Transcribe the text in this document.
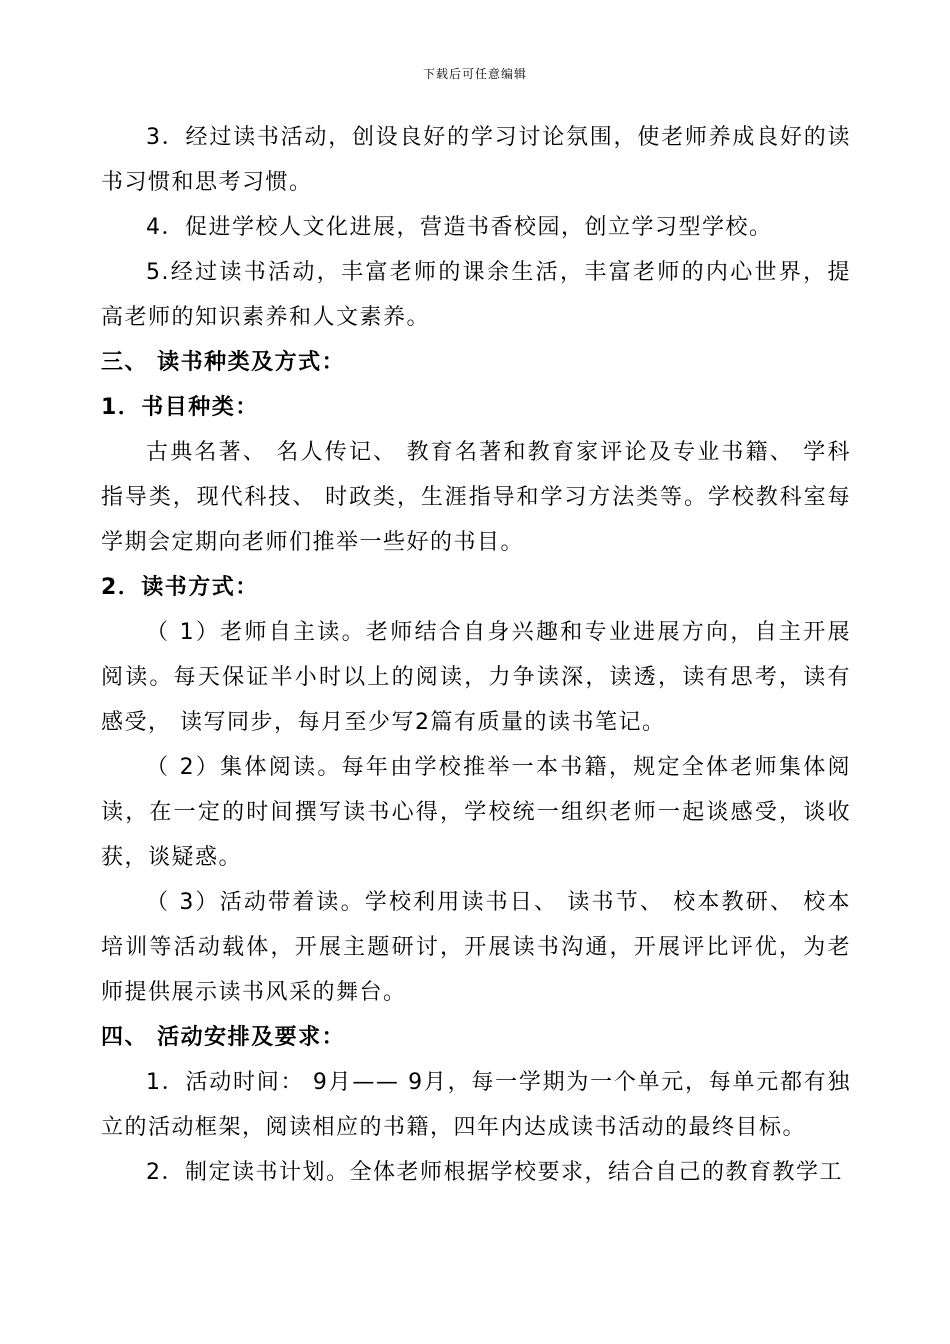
下载后可任意编辑

3．经过读书活动，创设良好的学习讨论氛围，使老师养成良好的读书习惯和思考习惯。

4．促进学校人文化进展，营造书香校园，创立学习型学校。

5.经过读书活动，丰富老师的课余生活，丰富老师的内心世界，提高老师的知识素养和人文素养。

三、 读书种类及方式：

1．书目种类：

古典名著、 名人传记、 教育名著和教育家评论及专业书籍、 学科指导类，现代科技、 时政类，生涯指导和学习方法类等。学校教科室每学期会定期向老师们推举一些好的书目。

2．读书方式：

（ 1）老师自主读。老师结合自身兴趣和专业进展方向，自主开展阅读。每天保证半小时以上的阅读，力争读深，读透，读有思考，读有感受， 读写同步，每月至少写2篇有质量的读书笔记。

（ 2）集体阅读。每年由学校推举一本书籍，规定全体老师集体阅读，在一定的时间撰写读书心得，学校统一组织老师一起谈感受，谈收获，谈疑惑。

（ 3）活动带着读。学校利用读书日、 读书节、 校本教研、 校本培训等活动载体，开展主题研讨，开展读书沟通，开展评比评优，为老师提供展示读书风采的舞台。

四、 活动安排及要求：

1．活动时间： 9月—— 9月，每一学期为一个单元，每单元都有独立的活动框架，阅读相应的书籍，四年内达成读书活动的最终目标。

2．制定读书计划。全体老师根据学校要求，结合自己的教育教学工
